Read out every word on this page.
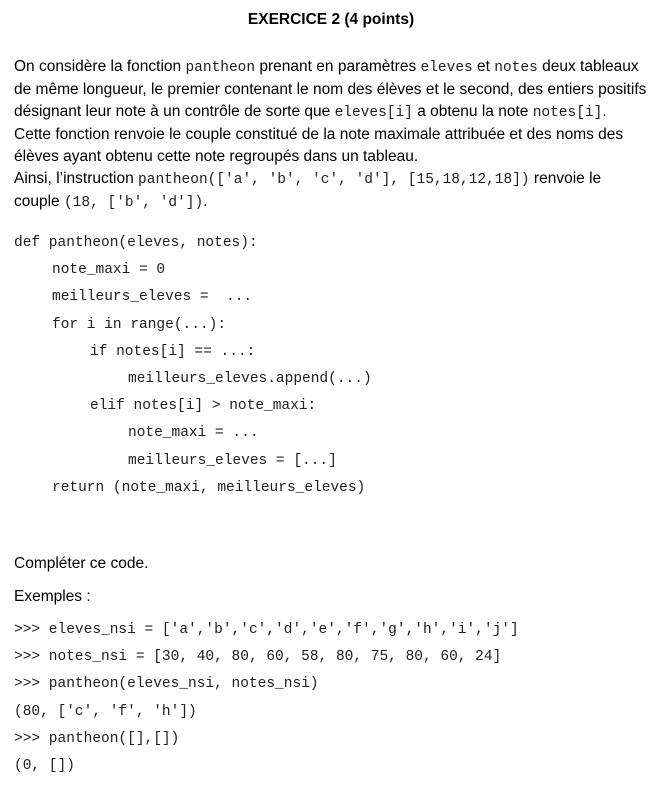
EXERCICE 2 (4 points)

On considère la fonction pantheon prenant en paramètres eleves et notes deux tableaux de même longueur, le premier contenant le nom des élèves et le second, des entiers positifs désignant leur note à un contrôle de sorte que eleves[i] a obtenu la note notes[i].
Cette fonction renvoie le couple constitué de la note maximale attribuée et des noms des élèves ayant obtenu cette note regroupés dans un tableau.
Ainsi, l’instruction pantheon(['a', 'b', 'c', 'd'], [15,18,12,18]) renvoie le couple (18, ['b', 'd']).

def pantheon(eleves, notes):
note_maxi = 0
meilleurs_eleves =  ...
for i in range(...):
if notes[i] == ...:
meilleurs_eleves.append(...)
elif notes[i] > note_maxi:
note_maxi = ...
meilleurs_eleves = [...]
return (note_maxi, meilleurs_eleves)
Compléter ce code.
Exemples :
>>> eleves_nsi = ['a','b','c','d','e','f','g','h','i','j']
>>> notes_nsi = [30, 40, 80, 60, 58, 80, 75, 80, 60, 24]
>>> pantheon(eleves_nsi, notes_nsi)
(80, ['c', 'f', 'h'])
>>> pantheon([],[])
(0, [])
